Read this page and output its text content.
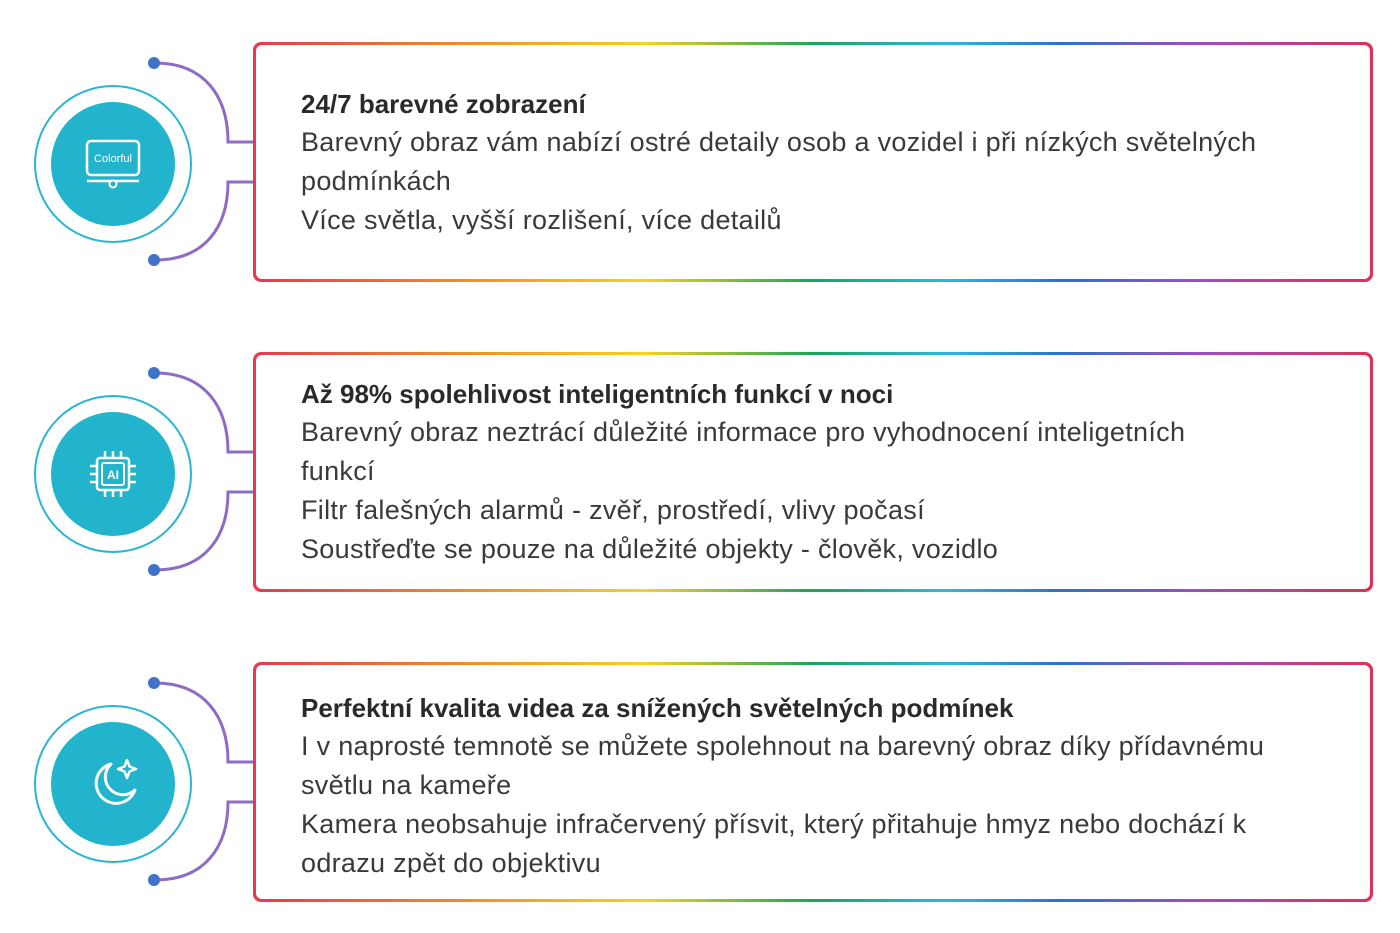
Colorful

24/7 barevné zobrazení

Barevný obraz vám nabízí ostré detaily osob a vozidel i při nízkých světelných

podmínkách

Více světla, vyšší rozlišení, více detailů

AI

Až 98% spolehlivost inteligentních funkcí v noci

Barevný obraz neztrácí důležité informace pro vyhodnocení inteligetních

funkcí

Filtr falešných alarmů - zvěř, prostředí, vlivy počasí

Soustřeďte se pouze na důležité objekty - člověk, vozidlo

Perfektní kvalita videa za snížených světelných podmínek

I v naprosté temnotě se můžete spolehnout na barevný obraz díky přídavnému

světlu na kameře

Kamera neobsahuje infračervený přísvit, který přitahuje hmyz nebo dochází k

odrazu zpět do objektivu
